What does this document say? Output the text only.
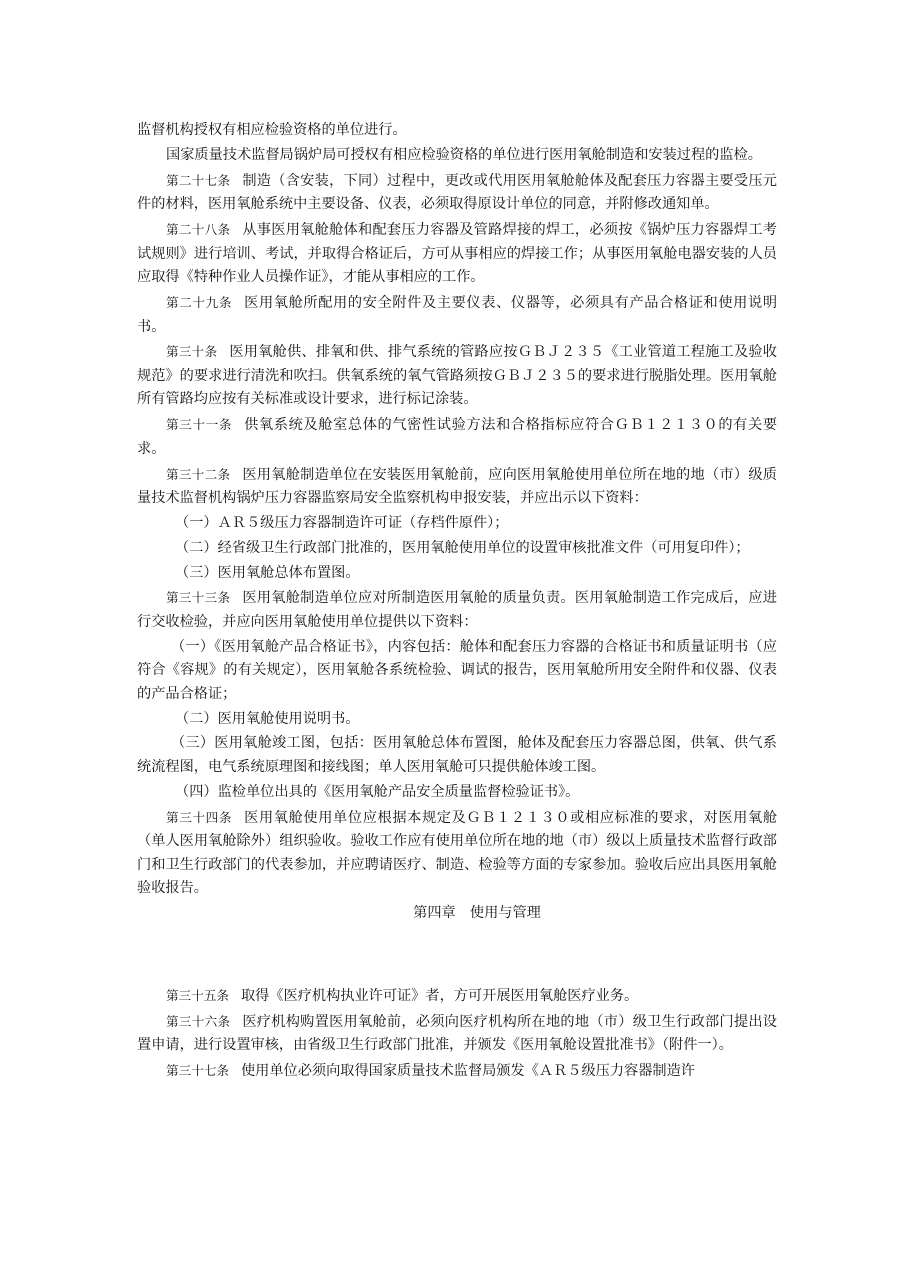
监督机构授权有相应检验资格的单位进行。

国家质量技术监督局锅炉局可授权有相应检验资格的单位进行医用氧舱制造和安装过程的监检。

第二十七条 制造（含安装，下同）过程中，更改或代用医用氧舱舱体及配套压力容器主要受压元件的材料，医用氧舱系统中主要设备、仪表，必须取得原设计单位的同意，并附修改通知单。

第二十八条 从事医用氧舱舱体和配套压力容器及管路焊接的焊工，必须按《锅炉压力容器焊工考试规则》进行培训、考试，并取得合格证后，方可从事相应的焊接工作；从事医用氧舱电器安装的人员应取得《特种作业人员操作证》，才能从事相应的工作。

第二十九条 医用氧舱所配用的安全附件及主要仪表、仪器等，必须具有产品合格证和使用说明书。

第三十条 医用氧舱供、排氧和供、排气系统的管路应按ＧＢＪ２３５《工业管道工程施工及验收规范》的要求进行清洗和吹扫。供氧系统的氧气管路须按ＧＢＪ２３５的要求进行脱脂处理。医用氧舱所有管路均应按有关标准或设计要求，进行标记涂装。

第三十一条 供氧系统及舱室总体的气密性试验方法和合格指标应符合ＧＢ１２１３０的有关要求。

第三十二条 医用氧舱制造单位在安装医用氧舱前，应向医用氧舱使用单位所在地的地（市）级质量技术监督机构锅炉压力容器监察局安全监察机构申报安装，并应出示以下资料：

（一）ＡＲ５级压力容器制造许可证（存档件原件）；

（二）经省级卫生行政部门批准的，医用氧舱使用单位的设置审核批准文件（可用复印件）；

（三）医用氧舱总体布置图。

第三十三条 医用氧舱制造单位应对所制造医用氧舱的质量负责。医用氧舱制造工作完成后，应进行交收检验，并应向医用氧舱使用单位提供以下资料：

（一）《医用氧舱产品合格证书》，内容包括：舱体和配套压力容器的合格证书和质量证明书（应符合《容规》的有关规定），医用氧舱各系统检验、调试的报告，医用氧舱所用安全附件和仪器、仪表的产品合格证；

（二）医用氧舱使用说明书。

（三）医用氧舱竣工图，包括：医用氧舱总体布置图，舱体及配套压力容器总图，供氧、供气系统流程图，电气系统原理图和接线图；单人医用氧舱可只提供舱体竣工图。

（四）监检单位出具的《医用氧舱产品安全质量监督检验证书》。

第三十四条 医用氧舱使用单位应根据本规定及ＧＢ１２１３０或相应标准的要求，对医用氧舱（单人医用氧舱除外）组织验收。验收工作应有使用单位所在地的地（市）级以上质量技术监督行政部门和卫生行政部门的代表参加，并应聘请医疗、制造、检验等方面的专家参加。验收后应出具医用氧舱验收报告。

第四章　使用与管理

第三十五条 取得《医疗机构执业许可证》者，方可开展医用氧舱医疗业务。

第三十六条 医疗机构购置医用氧舱前，必须向医疗机构所在地的地（市）级卫生行政部门提出设置申请，进行设置审核，由省级卫生行政部门批准，并颁发《医用氧舱设置批准书》（附件一）。

第三十七条 使用单位必须向取得国家质量技术监督局颁发《ＡＲ５级压力容器制造许
